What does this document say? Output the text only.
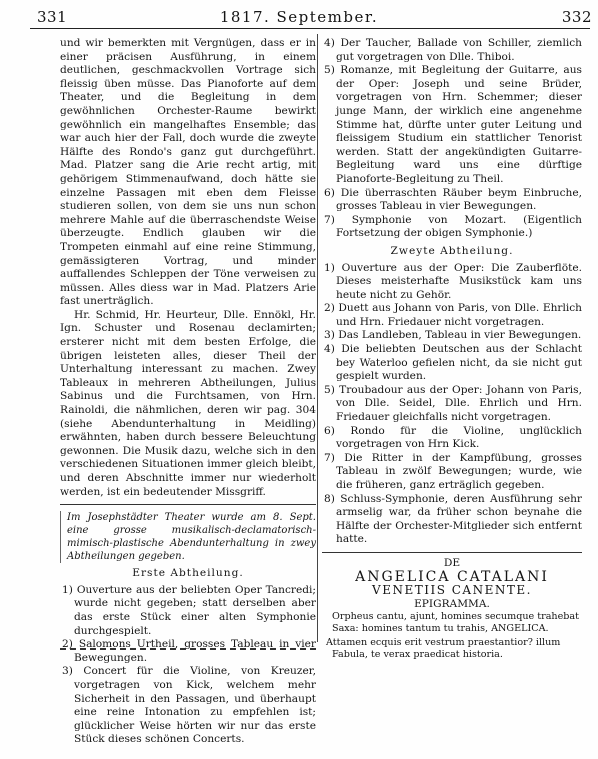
331	1817. September.	332

und wir bemerkten mit Vergnügen, dass er in einer präcisen Ausführung, in einem deutlichen, geschmackvollen Vortrage sich fleissig üben müsse. Das Pianoforte auf dem Theater, und die Begleitung in dem gewöhnlichen Orchester-Raume bewirkt gewöhnlich ein mangelhaftes Ensemble; das war auch hier der Fall, doch wurde die zweyte Hälfte des Rondo's ganz gut durchgeführt. Mad. Platzer sang die Arie recht artig, mit gehörigem Stimmenaufwand, doch hätte sie einzelne Passagen mit eben dem Fleisse studieren sollen, von dem sie uns nun schon mehrere Mahle auf die überraschendste Weise überzeugte. Endlich glauben wir die Trompeten einmahl auf eine reine Stimmung, gemässigteren Vortrag, und minder auffallendes Schleppen der Töne verweisen zu müssen. Alles diess war in Mad. Platzers Arie fast unerträglich.

Hr. Schmid, Hr. Heurteur, Dlle. Ennökl, Hr. Ign. Schuster und Rosenau declamirten; ersterer nicht mit dem besten Erfolge, die übrigen leisteten alles, dieser Theil der Unterhaltung interessant zu machen. Zwey Tableaux in mehreren Abtheilungen, Julius Sabinus und die Furchtsamen, von Hrn. Rainoldi, die nähmlichen, deren wir pag. 304 (siehe Abendunterhaltung in Meidling) erwähnten, haben durch bessere Beleuchtung gewonnen. Die Musik dazu, welche sich in den verschiedenen Situationen immer gleich bleibt, und deren Abschnitte immer nur wiederholt werden, ist ein bedeutender Missgriff.

Im Josephstädter Theater wurde am 8. Sept. eine grosse musikalisch-declamatorisch-mimisch-plastische Abendunterhaltung in zwey Abtheilungen gegeben.

Erste Abtheilung.

1) Ouverture aus der beliebten Oper Tancredi; wurde nicht gegeben; statt derselben aber das erste Stück einer alten Symphonie durchgespielt.

2) Salomons Urtheil, grosses Tableau in vier Bewegungen.

3) Concert für die Violine, von Kreuzer, vorgetragen von Kick, welchem mehr Sicherheit in den Passagen, und überhaupt eine reine Intonation zu empfehlen ist; glücklicher Weise hörten wir nur das erste Stück dieses schönen Concerts.

4) Der Taucher, Ballade von Schiller, ziemlich gut vorgetragen von Dlle. Thiboi.

5) Romanze, mit Begleitung der Guitarre, aus der Oper: Joseph und seine Brüder, vorgetragen von Hrn. Schemmer; dieser junge Mann, der wirklich eine angenehme Stimme hat, dürfte unter guter Leitung und fleissigem Studium ein stattlicher Tenorist werden. Statt der angekündigten Guitarre-Begleitung ward uns eine dürftige Pianoforte-Begleitung zu Theil.

6) Die überraschten Räuber beym Einbruche, grosses Tableau in vier Bewegungen.

7) Symphonie von Mozart. (Eigentlich Fortsetzung der obigen Symphonie.)

Zweyte Abtheilung.

1) Ouverture aus der Oper: Die Zauberflöte. Dieses meisterhafte Musikstück kam uns heute nicht zu Gehör.

2) Duett aus Johann von Paris, von Dlle. Ehrlich und Hrn. Friedauer nicht vorgetragen.

3) Das Landleben, Tableau in vier Bewegungen.

4) Die beliebten Deutschen aus der Schlacht bey Waterloo gefielen nicht, da sie nicht gut gespielt wurden.

5) Troubadour aus der Oper: Johann von Paris, von Dlle. Seidel, Dlle. Ehrlich und Hrn. Friedauer gleichfalls nicht vorgetragen.

6) Rondo für die Violine, unglücklich vorgetragen von Hrn Kick.

7) Die Ritter in der Kampfübung, grosses Tableau in zwölf Bewegungen; wurde, wie die früheren, ganz erträglich gegeben.

8) Schluss-Symphonie, deren Ausführung sehr armselig war, da früher schon beynahe die Hälfte der Orchester-Mitglieder sich entfernt hatte.

DE

ANGELICA CATALANI

VENETIIS CANENTE.

EPIGRAMMA.

Orpheus cantu, ajunt, homines secumque trahebat

Saxa: homines tantum tu trahis, ANGELICA.

Attamen ecquis erit vestrum praestantior? illum

Fabula, te verax praedicat historia.
